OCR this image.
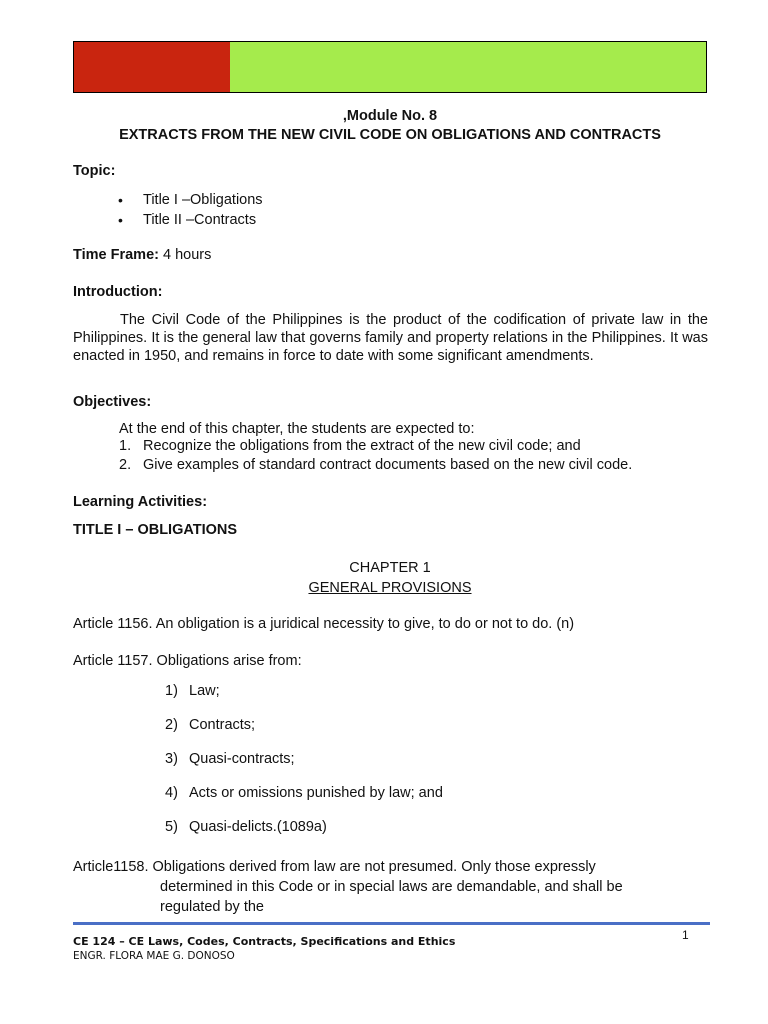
,Module No. 8
EXTRACTS FROM THE NEW CIVIL CODE ON OBLIGATIONS AND CONTRACTS
Topic:
• Title I –Obligations
• Title II –Contracts
Time Frame: 4 hours
Introduction:
The Civil Code of the Philippines is the product of the codification of private law in the Philippines. It is the general law that governs family and property relations in the Philippines. It was enacted in 1950, and remains in force to date with some significant amendments.
Objectives:
At the end of this chapter, the students are expected to:
1. Recognize the obligations from the extract of the new civil code; and
2. Give examples of standard contract documents based on the new civil code.
Learning Activities:
TITLE I – OBLIGATIONS
CHAPTER 1
GENERAL PROVISIONS
Article 1156. An obligation is a juridical necessity to give, to do or not to do. (n)
Article 1157. Obligations arise from:
1) Law;
2) Contracts;
3) Quasi-contracts;
4) Acts or omissions punished by law; and
5) Quasi-delicts.(1089a)
Article1158. Obligations derived from law are not presumed. Only those expressly
determined in this Code or in special laws are demandable, and shall be
regulated by the
1
CE 124 – CE Laws, Codes, Contracts, Specifications and Ethics
ENGR. FLORA MAE G. DONOSO
